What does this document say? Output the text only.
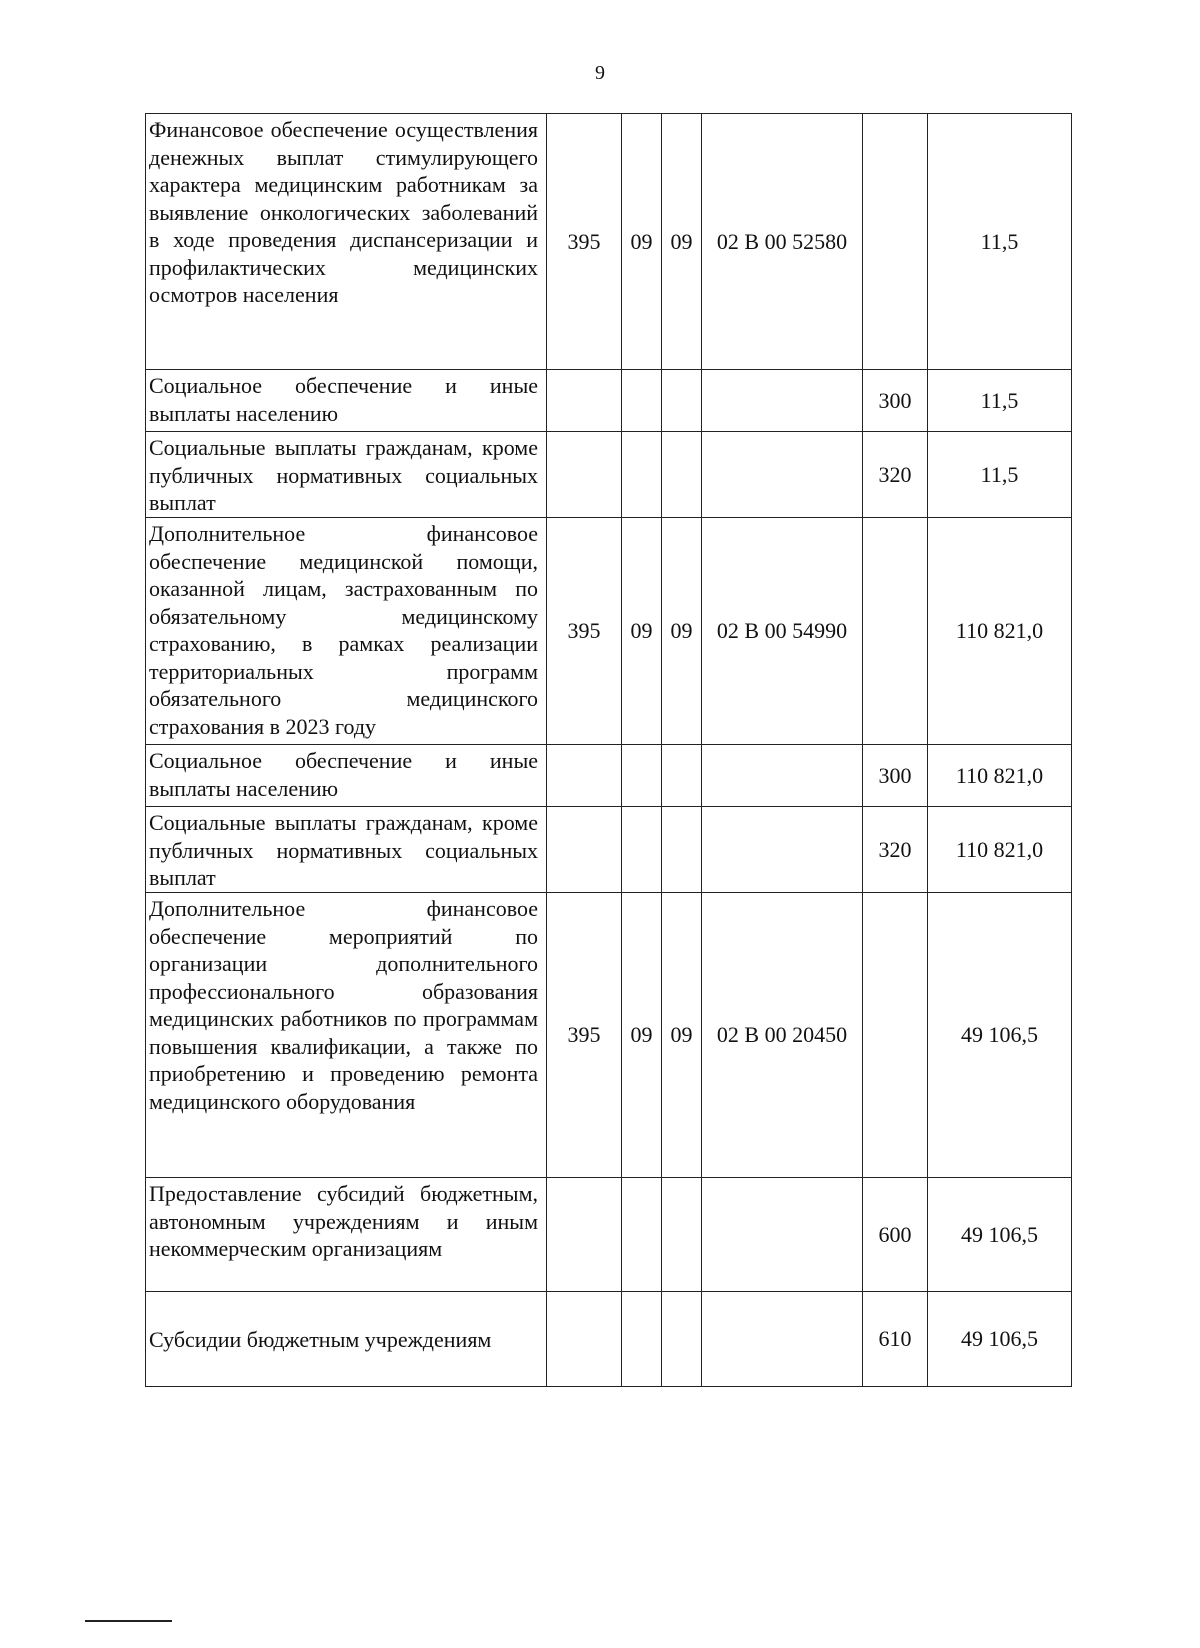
9
Финансовое обеспечение осуществления денежных выплат стимулирующего характера медицинским работникам за выявление онкологических заболеваний в ходе проведения диспансеризации и профилактических медицинских осмотров населения	395	09	09	02 В 00 52580		11,5
Социальное обеспечение и иные выплаты населению					300	11,5
Социальные выплаты гражданам, кроме публичных нормативных социальных выплат					320	11,5
Дополнительное финансовое обеспечение медицинской помощи, оказанной лицам, застрахованным по обязательному медицинскому страхованию, в рамках реализации территориальных программ обязательного медицинского страхования в 2023 году	395	09	09	02 В 00 54990		110 821,0
Социальное обеспечение и иные выплаты населению					300	110 821,0
Социальные выплаты гражданам, кроме публичных нормативных социальных выплат					320	110 821,0
Дополнительное финансовое обеспечение мероприятий по организации дополнительного профессионального образования медицинских работников по программам повышения квалификации, а также по приобретению и проведению ремонта медицинского оборудования	395	09	09	02 В 00 20450		49 106,5
Предоставление субсидий бюджетным, автономным учреждениям и иным некоммерческим организациям					600	49 106,5
Субсидии бюджетным учреждениям					610	49 106,5
